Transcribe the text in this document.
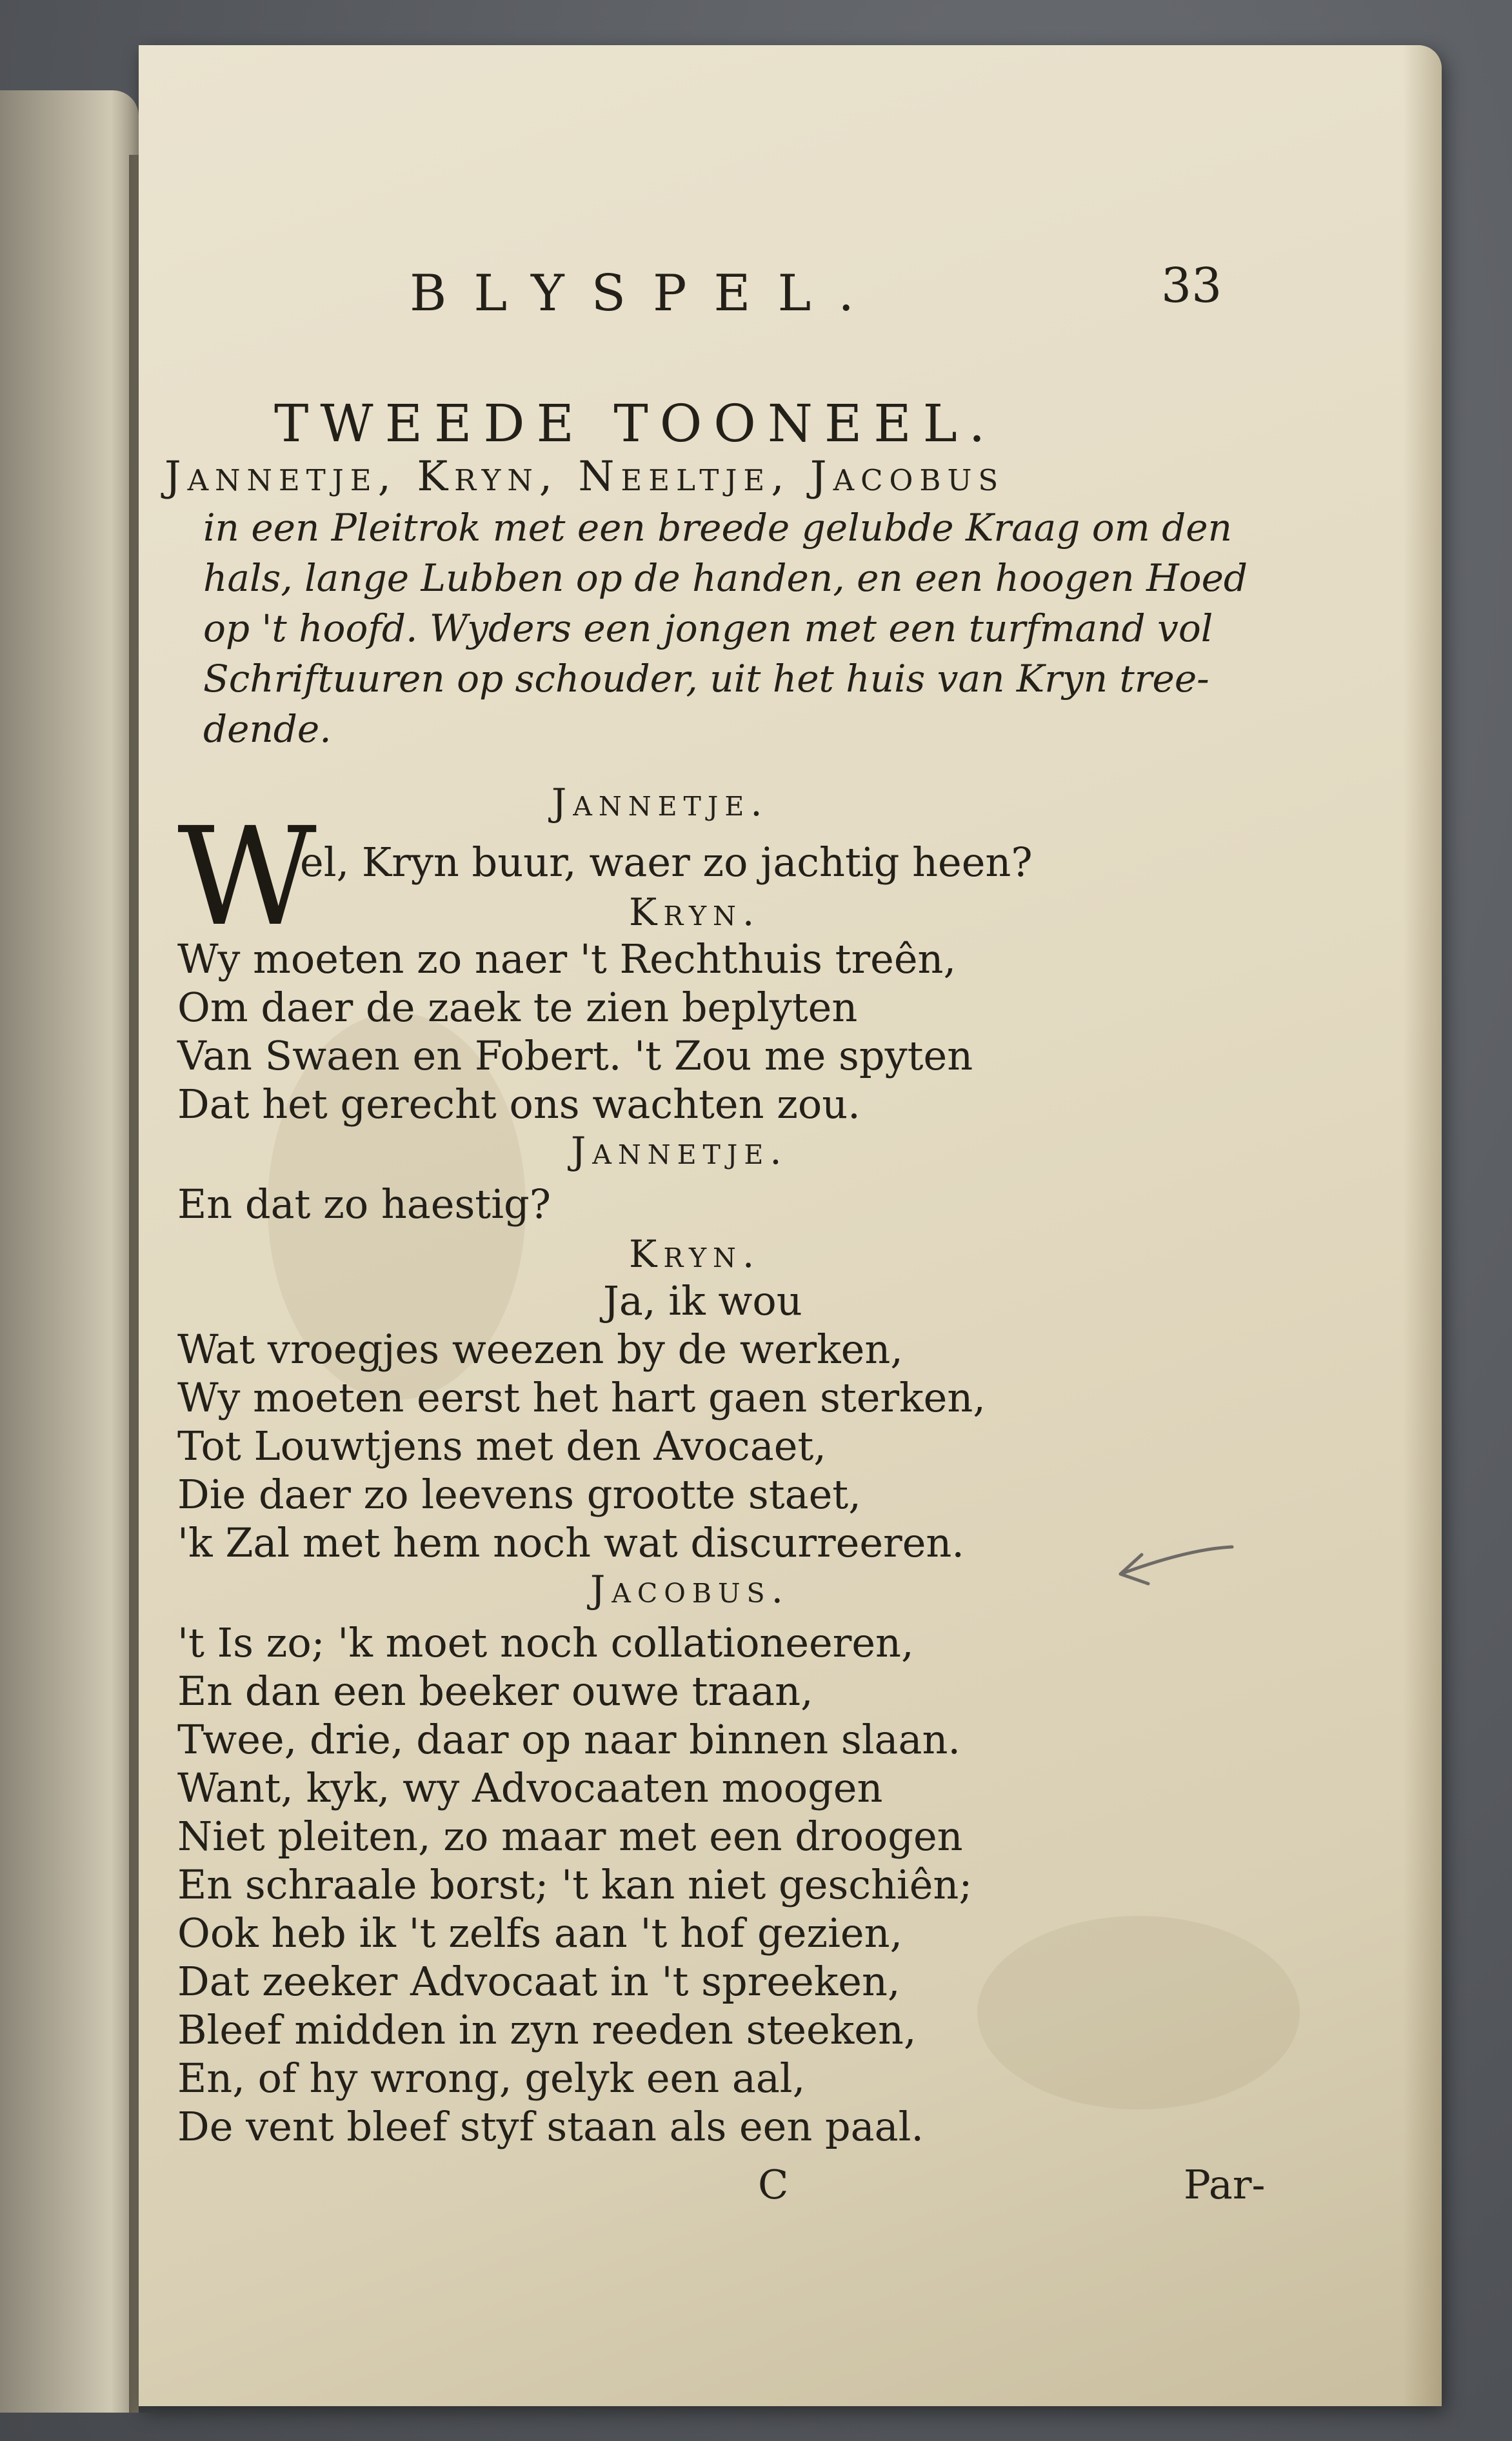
BLYSPEL.	33
TWEEDE TOONEEL.

Jannetje, Kryn, Neeltje, Jacobus

in een Pleitrok met een breede gelubde Kraag om den

hals, lange Lubben op de handen, en een hoogen Hoed

op 't hoofd. Wyders een jongen met een turfmand vol

Schriftuuren op schouder, uit het huis van Kryn tree-

dende.

Jannetje.
W
el, Kryn buur, waer zo jachtig heen?
Kryn.
Wy moeten zo naer 't Rechthuis treên,
Om daer de zaek te zien beplyten
Van Swaen en Fobert. 't Zou me spyten
Dat het gerecht ons wachten zou.
Jannetje.
En dat zo haestig?
Kryn.
Ja, ik wou
Wat vroegjes weezen by de werken,
Wy moeten eerst het hart gaen sterken,
Tot Louwtjens met den Avocaet,
Die daer zo leevens grootte staet,
'k Zal met hem noch wat discurreeren.
Jacobus.
't Is zo; 'k moet noch collationeeren,
En dan een beeker ouwe traan,
Twee, drie, daar op naar binnen slaan.
Want, kyk, wy Advocaaten moogen
Niet pleiten, zo maar met een droogen
En schraale borst; 't kan niet geschiên;
Ook heb ik 't zelfs aan 't hof gezien,
Dat zeeker Advocaat in 't spreeken,
Bleef midden in zyn reeden steeken,
En, of hy wrong, gelyk een aal,
De vent bleef styf staan als een paal.
C	Par-
